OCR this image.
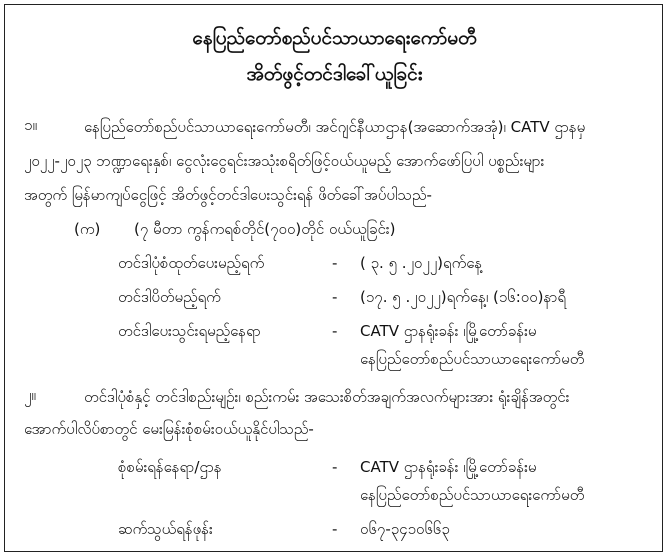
နေပြည်တော်စည်ပင်သာယာရေးကော်မတီ
အိတ်ဖွင့်တင်ဒါခေါ်ယူခြင်း
၁။	နေပြည်တော်စည်ပင်သာယာရေးကော်မတီ၊ အင်ဂျင်နီယာဌာန(အဆောက်အအုံ)၊ CATV ဌာနမှ
၂၀၂၂-၂၀၂၃ ဘဏ္ဍာရေးနှစ်၊ ငွေလုံးငွေရင်းအသုံးစရိတ်ဖြင့်ဝယ်ယူမည့် အောက်ဖော်ပြပါ ပစ္စည်းများ
အတွက် မြန်မာကျပ်ငွေဖြင့် အိတ်ဖွင့်တင်ဒါပေးသွင်းရန် ဖိတ်ခေါ်အပ်ပါသည်-
(က) (၇ မီတာ ကွန်ကရစ်တိုင်(၇၀၀)တိုင် ဝယ်ယူခြင်း)
တင်ဒါပုံစံထုတ်ပေးမည့်ရက်	- ( ၃. ၅ .၂၀၂၂)ရက်နေ့
တင်ဒါပိတ်မည့်ရက်	- (၁၇. ၅ .၂၀၂၂)ရက်နေ့၊ (၁၆:၀၀)နာရီ
တင်ဒါပေးသွင်းရမည့်နေရာ	- CATV ဌာနရုံးခန်း ၊မြို့တော်ခန်းမ
နေပြည်တော်စည်ပင်သာယာရေးကော်မတီ
၂။	တင်ဒါပုံစံနှင့် တင်ဒါစည်းမျဉ်း၊ စည်းကမ်း အသေးစိတ်အချက်အလက်များအား ရုံးချိန်အတွင်း
အောက်ပါလိပ်စာတွင် မေးမြန်းစုံစမ်းဝယ်ယူနိုင်ပါသည်-
စုံစမ်းရန်နေရာ/ဌာန	- CATV ဌာနရုံးခန်း ၊မြို့တော်ခန်းမ
နေပြည်တော်စည်ပင်သာယာရေးကော်မတီ
ဆက်သွယ်ရန်ဖုန်း	- ၀၆၇-၃၄၁၀၆၆၃
